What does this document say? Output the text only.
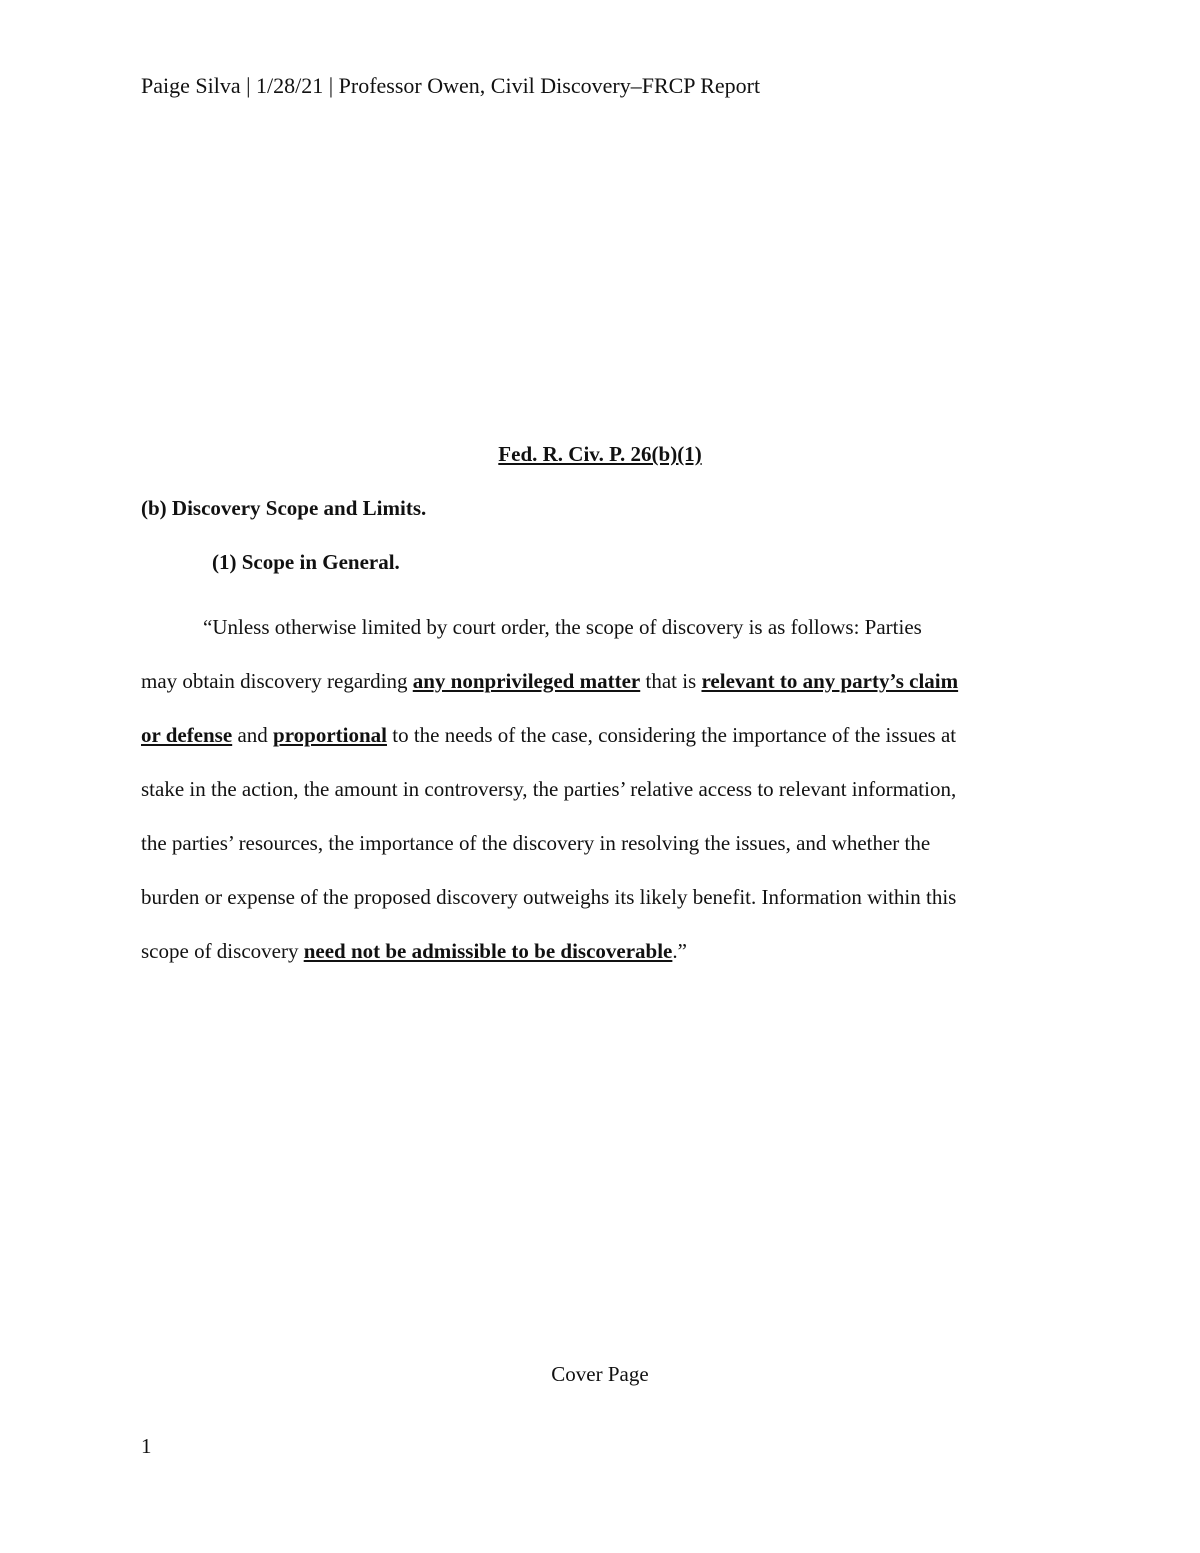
Paige Silva | 1/28/21 | Professor Owen, Civil Discovery–FRCP Report
Fed. R. Civ. P. 26(b)(1)
(b) Discovery Scope and Limits.
(1) Scope in General.
“Unless otherwise limited by court order, the scope of discovery is as follows: Parties
may obtain discovery regarding any nonprivileged matter that is relevant to any party’s claim
or defense and proportional to the needs of the case, considering the importance of the issues at
stake in the action, the amount in controversy, the parties’ relative access to relevant information,
the parties’ resources, the importance of the discovery in resolving the issues, and whether the
burden or expense of the proposed discovery outweighs its likely benefit. Information within this
scope of discovery need not be admissible to be discoverable.”
Cover Page
1
